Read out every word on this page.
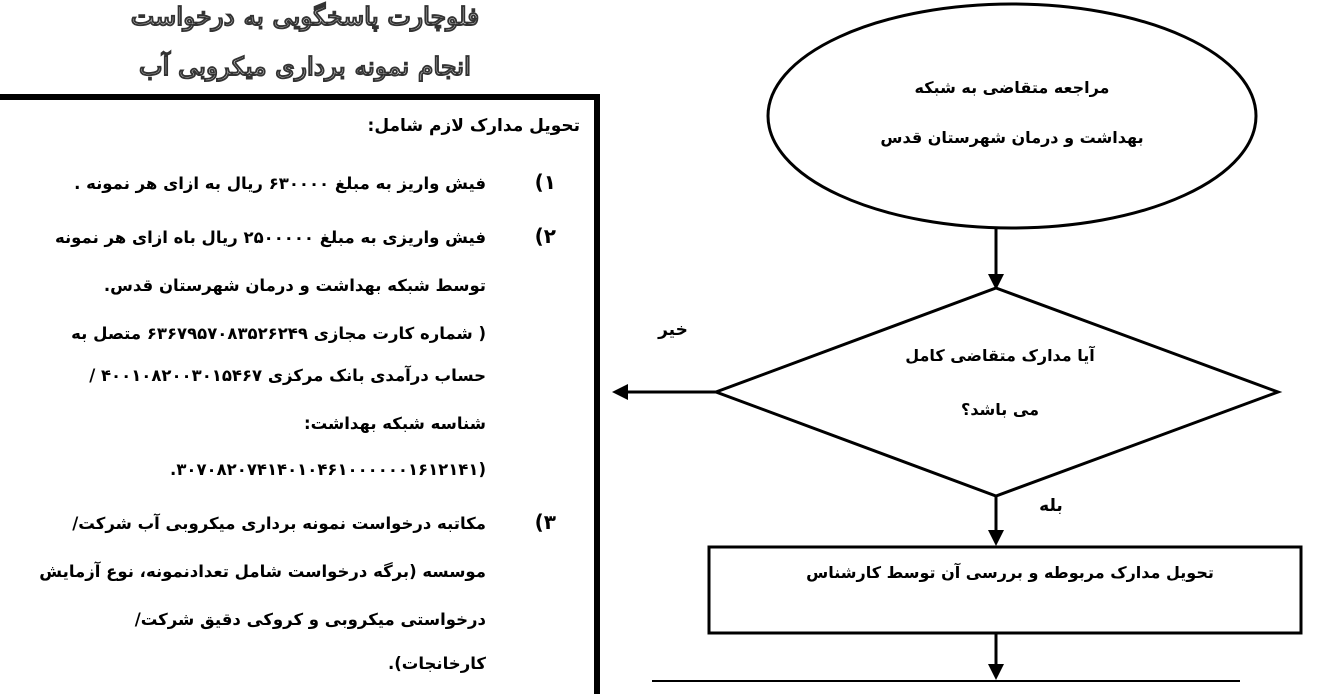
فلوچارت پاسخگویی به درخواست
انجام نمونه برداری میکروبی آب
تحویل مدارک لازم شامل:
۱)
فیش واریز به مبلغ ۶۳۰۰۰۰ ریال به ازای هر نمونه .
۲)
فیش واریزی به مبلغ ۲۵۰۰۰۰۰ ریال باه ازای هر نمونه
توسط شبکه بهداشت و درمان شهرستان قدس.
( شماره کارت مجازی ۶۳۶۷۹۵۷۰۸۳۵۲۶۲۴۹ متصل به
حساب درآمدی بانک مرکزی ۴۰۰۱۰۸۲۰۰۳۰۱۵۴۶۷ /
شناسه شبکه بهداشت:
(۳۰۷۰۸۲۰۷۴۱۴۰۱۰۴۶۱۰۰۰۰۰۰۱۶۱۲۱۴۱.
۳)
مکاتبه درخواست نمونه برداری میکروبی آب شرکت/
موسسه (برگه درخواست شامل تعدادنمونه، نوع آزمایش
درخواستی میکروبی و کروکی دقیق شرکت/
کارخانجات).
مراجعه متقاضی به شبکه
بهداشت و درمان شهرستان قدس
آیا مدارک متقاضی کامل
می باشد؟
خیر
بله
تحویل مدارک مربوطه و بررسی آن توسط کارشناس
